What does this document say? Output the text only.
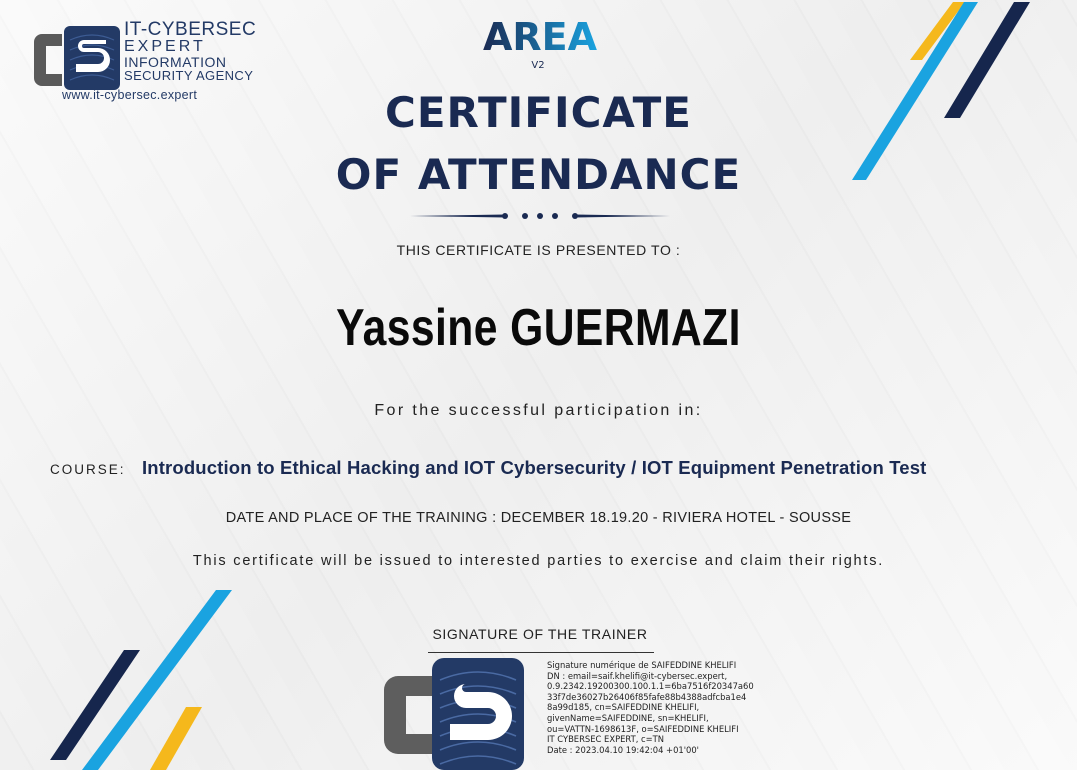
IT-CYBERSEC
EXPERT
INFORMATION
SECURITY AGENCY
www.it-cybersec.expert
AREA
V2
CERTIFICATE
OF ATTENDANCE
THIS CERTIFICATE IS PRESENTED TO :
Yassine GUERMAZI
For the successful participation in:
COURSE: Introduction to Ethical Hacking and IOT Cybersecurity / IOT Equipment Penetration Test
DATE AND PLACE OF THE TRAINING : DECEMBER 18.19.20 - RIVIERA HOTEL - SOUSSE
This certificate will be issued to interested parties to exercise and claim their rights.
SIGNATURE OF THE TRAINER
CS
Signature numérique de SAIFEDDINE KHELIFI
DN : email=saif.khelifi@it-cybersec.expert,
0.9.2342.19200300.100.1.1=6ba7516f20347a60
33f7de36027b26406f85fafe88b4388adfcba1e4
8a99d185, cn=SAIFEDDINE KHELIFI,
givenName=SAIFEDDINE, sn=KHELIFI,
ou=VATTN-1698613F, o=SAIFEDDINE KHELIFI
IT CYBERSEC EXPERT, c=TN
Date : 2023.04.10 19:42:04 +01'00'
